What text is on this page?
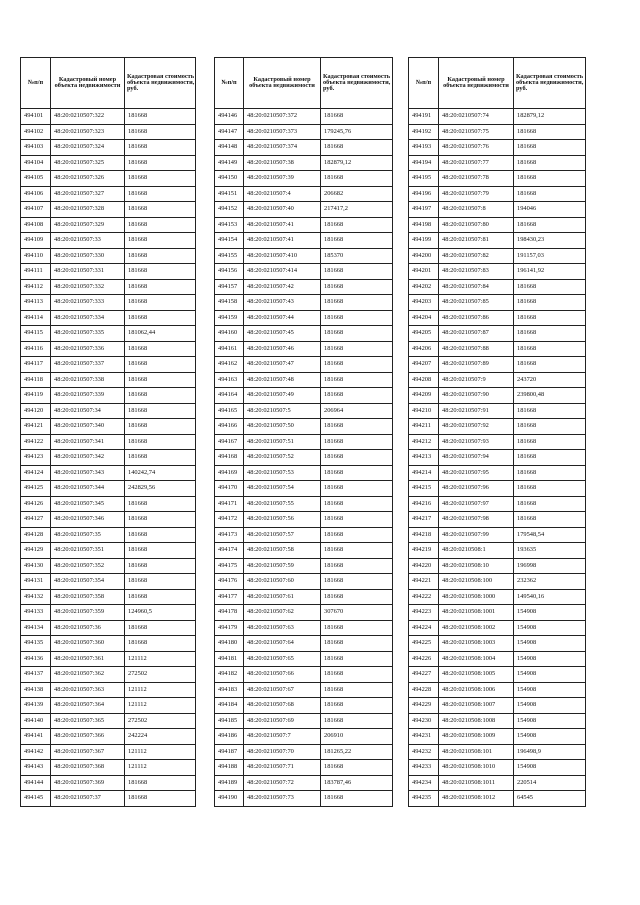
№п/п	Кадастровый номер объекта недвижимости	Кадастровая стоимость объекта недвижимости, руб.
494101	48:20:0210507:322	181668
494102	48:20:0210507:323	181668
494103	48:20:0210507:324	181668
494104	48:20:0210507:325	181668
494105	48:20:0210507:326	181668
494106	48:20:0210507:327	181668
494107	48:20:0210507:328	181668
494108	48:20:0210507:329	181668
494109	48:20:0210507:33	181668
494110	48:20:0210507:330	181668
494111	48:20:0210507:331	181668
494112	48:20:0210507:332	181668
494113	48:20:0210507:333	181668
494114	48:20:0210507:334	181668
494115	48:20:0210507:335	181062,44
494116	48:20:0210507:336	181668
494117	48:20:0210507:337	181668
494118	48:20:0210507:338	181668
494119	48:20:0210507:339	181668
494120	48:20:0210507:34	181668
494121	48:20:0210507:340	181668
494122	48:20:0210507:341	181668
494123	48:20:0210507:342	181668
494124	48:20:0210507:343	140242,74
494125	48:20:0210507:344	242829,56
494126	48:20:0210507:345	181668
494127	48:20:0210507:346	181668
494128	48:20:0210507:35	181668
494129	48:20:0210507:351	181668
494130	48:20:0210507:352	181668
494131	48:20:0210507:354	181668
494132	48:20:0210507:358	181668
494133	48:20:0210507:359	124960,5
494134	48:20:0210507:36	181668
494135	48:20:0210507:360	181668
494136	48:20:0210507:361	121112
494137	48:20:0210507:362	272502
494138	48:20:0210507:363	121112
494139	48:20:0210507:364	121112
494140	48:20:0210507:365	272502
494141	48:20:0210507:366	242224
494142	48:20:0210507:367	121112
494143	48:20:0210507:368	121112
494144	48:20:0210507:369	181668
494145	48:20:0210507:37	181668
№п/п	Кадастровый номер объекта недвижимости	Кадастровая стоимость объекта недвижимости, руб.
494146	48:20:0210507:372	181668
494147	48:20:0210507:373	179245,76
494148	48:20:0210507:374	181668
494149	48:20:0210507:38	182879,12
494150	48:20:0210507:39	181668
494151	48:20:0210507:4	206682
494152	48:20:0210507:40	217417,2
494153	48:20:0210507:41	181668
494154	48:20:0210507:41	181668
494155	48:20:0210507:410	185370
494156	48:20:0210507:414	181668
494157	48:20:0210507:42	181668
494158	48:20:0210507:43	181668
494159	48:20:0210507:44	181668
494160	48:20:0210507:45	181668
494161	48:20:0210507:46	181668
494162	48:20:0210507:47	181668
494163	48:20:0210507:48	181668
494164	48:20:0210507:49	181668
494165	48:20:0210507:5	206964
494166	48:20:0210507:50	181668
494167	48:20:0210507:51	181668
494168	48:20:0210507:52	181668
494169	48:20:0210507:53	181668
494170	48:20:0210507:54	181668
494171	48:20:0210507:55	181668
494172	48:20:0210507:56	181668
494173	48:20:0210507:57	181668
494174	48:20:0210507:58	181668
494175	48:20:0210507:59	181668
494176	48:20:0210507:60	181668
494177	48:20:0210507:61	181668
494178	48:20:0210507:62	307670
494179	48:20:0210507:63	181668
494180	48:20:0210507:64	181668
494181	48:20:0210507:65	181668
494182	48:20:0210507:66	181668
494183	48:20:0210507:67	181668
494184	48:20:0210507:68	181668
494185	48:20:0210507:69	181668
494186	48:20:0210507:7	206910
494187	48:20:0210507:70	181265,22
494188	48:20:0210507:71	181668
494189	48:20:0210507:72	183787,46
494190	48:20:0210507:73	181668
№п/п	Кадастровый номер объекта недвижимости	Кадастровая стоимость объекта недвижимости, руб.
494191	48:20:0210507:74	182879,12
494192	48:20:0210507:75	181668
494193	48:20:0210507:76	181668
494194	48:20:0210507:77	181668
494195	48:20:0210507:78	181668
494196	48:20:0210507:79	181668
494197	48:20:0210507:8	194046
494198	48:20:0210507:80	181668
494199	48:20:0210507:81	198430,23
494200	48:20:0210507:82	191157,03
494201	48:20:0210507:83	196141,92
494202	48:20:0210507:84	181668
494203	48:20:0210507:85	181668
494204	48:20:0210507:86	181668
494205	48:20:0210507:87	181668
494206	48:20:0210507:88	181668
494207	48:20:0210507:89	181668
494208	48:20:0210507:9	243720
494209	48:20:0210507:90	239800,48
494210	48:20:0210507:91	181668
494211	48:20:0210507:92	181668
494212	48:20:0210507:93	181668
494213	48:20:0210507:94	181668
494214	48:20:0210507:95	181668
494215	48:20:0210507:96	181668
494216	48:20:0210507:97	181668
494217	48:20:0210507:98	181668
494218	48:20:0210507:99	179548,54
494219	48:20:0210508:1	193635
494220	48:20:0210508:10	196998
494221	48:20:0210508:100	232362
494222	48:20:0210508:1000	149540,16
494223	48:20:0210508:1001	154908
494224	48:20:0210508:1002	154908
494225	48:20:0210508:1003	154908
494226	48:20:0210508:1004	154908
494227	48:20:0210508:1005	154908
494228	48:20:0210508:1006	154908
494229	48:20:0210508:1007	154908
494230	48:20:0210508:1008	154908
494231	48:20:0210508:1009	154908
494232	48:20:0210508:101	196498,9
494233	48:20:0210508:1010	154908
494234	48:20:0210508:1011	220514
494235	48:20:0210508:1012	64545
